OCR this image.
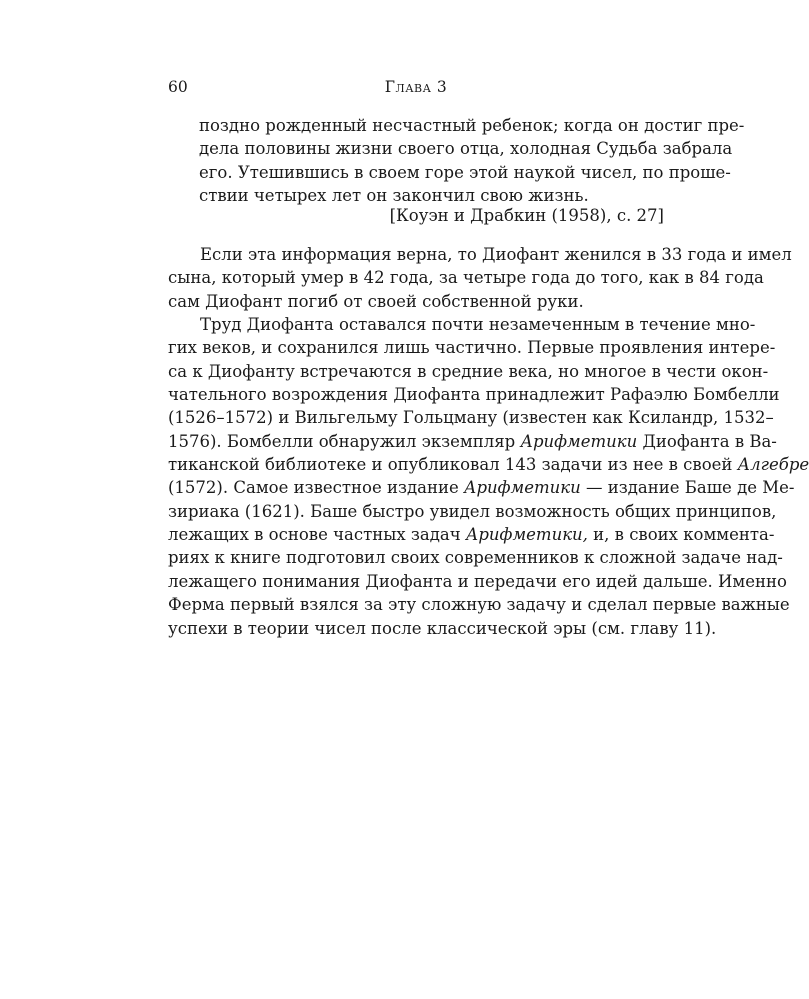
60	Глава 3
поздно рожденный несчастный ребенок; когда он достиг пре-
дела половины жизни своего отца, холодная Судьба забрала
его. Утешившись в своем горе этой наукой чисел, по проше-
ствии четырех лет он закончил свою жизнь.
[Коуэн и Драбкин (1958), с. 27]
Если эта информация верна, то Диофант женился в 33 года и имел
сына, который умер в 42 года, за четыре года до того, как в 84 года
сам Диофант погиб от своей собственной руки.
Труд Диофанта оставался почти незамеченным в течение мно-
гих веков, и сохранился лишь частично. Первые проявления интере-
са к Диофанту встречаются в средние века, но многое в чести окон-
чательного возрождения Диофанта принадлежит Рафаэлю Бомбелли
(1526–1572) и Вильгельму Гольцману (известен как Ксиландр, 1532–
1576). Бомбелли обнаружил экземпляр Арифметики Диофанта в Ва-
тиканской библиотеке и опубликовал 143 задачи из нее в своей Алгебре
(1572). Самое известное издание Арифметики — издание Баше де Ме-
зириака (1621). Баше быстро увидел возможность общих принципов,
лежащих в основе частных задач Арифметики, и, в своих коммента-
риях к книге подготовил своих современников к сложной задаче над-
лежащего понимания Диофанта и передачи его идей дальше. Именно
Ферма первый взялся за эту сложную задачу и сделал первые важные
успехи в теории чисел после классической эры (см. главу 11).
